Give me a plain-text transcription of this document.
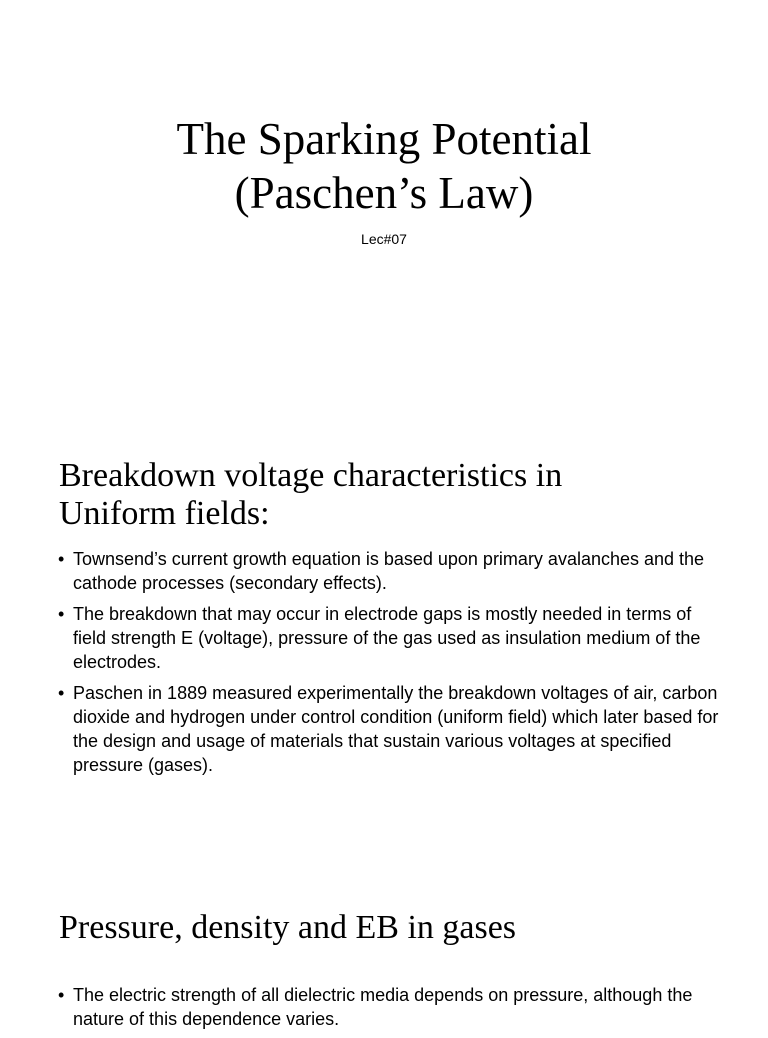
The Sparking Potential
(Paschen’s Law)
Lec#07
Breakdown voltage characteristics in
Uniform fields:
• Townsend’s current growth equation is based upon primary avalanches and the cathode processes (secondary effects).
• The breakdown that may occur in electrode gaps is mostly needed in terms of field strength E (voltage), pressure of the gas used as insulation medium of the electrodes.
• Paschen in 1889 measured experimentally the breakdown voltages of air, carbon dioxide and hydrogen under control condition (uniform field) which later based for the design and usage of materials that sustain various voltages at specified pressure (gases).
Pressure, density and EB in gases
• The electric strength of all dielectric media depends on pressure, although the nature of this dependence varies.
